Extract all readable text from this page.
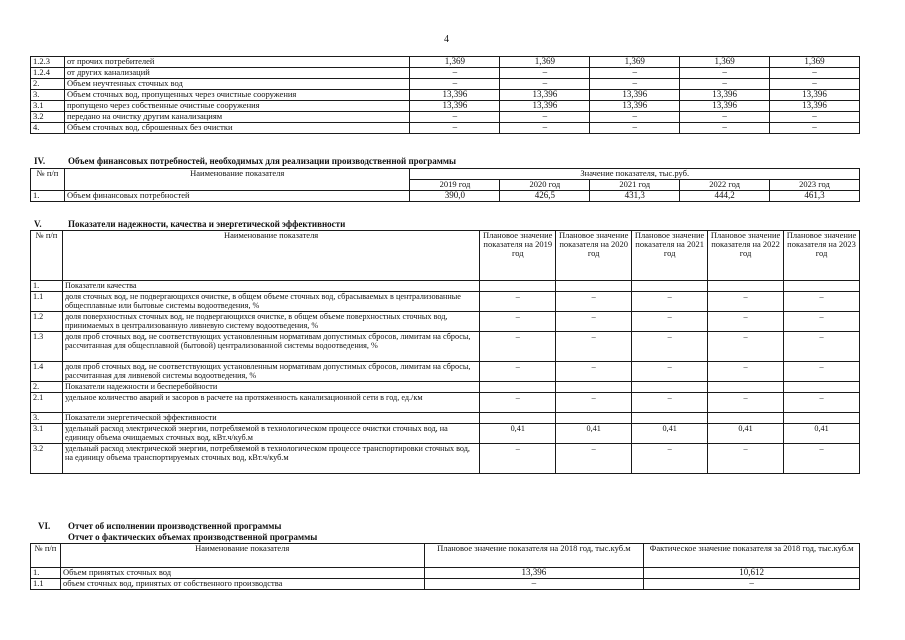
4
1.2.3	от прочих потребителей	1,369	1,369	1,369	1,369	1,369
1.2.4	от других канализаций	–	–	–	–	–
2.	Объем неучтенных сточных вод	–	–	–	–	–
3.	Объем сточных вод, пропущенных через очистные сооружения	13,396	13,396	13,396	13,396	13,396
3.1	пропущено через собственные очистные сооружения	13,396	13,396	13,396	13,396	13,396
3.2	передано на очистку другим канализациям	–	–	–	–	–
4.	Объем сточных вод, сброшенных без очистки	–	–	–	–	–
IV.	Объем финансовых потребностей, необходимых для реализации производственной программы
№ п/п	Наименование показателя	Значение показателя, тыс.руб.				
		2019 год	2020 год	2021 год	2022 год	2023 год
1.	Объем финансовых потребностей	390,0	426,5	431,3	444,2	461,3
V.	Показатели надежности, качества и энергетической эффективности
№ п/п	Наименование показателя	Плановое значение показателя на 2019 год	Плановое значение показателя на 2020 год	Плановое значение показателя на 2021 год	Плановое значение показателя на 2022 год	Плановое значение показателя на 2023 год
1.	Показатели качества					
1.1	доля сточных вод, не подвергающихся очистке, в общем объеме сточных вод, сбрасываемых в централизованные общесплавные или бытовые системы водоотведения, %	–	–	–	–	–
1.2	доля поверхностных сточных вод, не подвергающихся очистке, в общем объеме поверхностных сточных вод, принимаемых в централизованную ливневую систему водоотведения, %	–	–	–	–	–
1.3	доля проб сточных вод, не соответствующих установленным нормативам допустимых сбросов, лимитам на сбросы, рассчитанная для общесплавной (бытовой) централизованной системы водоотведения, %	–	–	–	–	–
1.4	доля проб сточных вод, не соответствующих установленным нормативам допустимых сбросов, лимитам на сбросы, рассчитанная для ливневой системы водоотведения, %	–	–	–	–	–
2.	Показатели надежности и бесперебойности					
2.1	удельное количество аварий и засоров в расчете на протяженность канализационной сети в год, ед./км	–	–	–	–	–
3.	Показатели энергетической эффективности					
3.1	удельный расход электрической энергии, потребляемой в технологическом процессе очистки сточных вод, на единицу объема очищаемых сточных вод, кВт.ч/куб.м	0,41	0,41	0,41	0,41	0,41
3.2	удельный расход электрической энергии, потребляемой в технологическом процессе транспортировки сточных вод, на единицу объема транспортируемых сточных вод, кВт.ч/куб.м	–	–	–	–	–
VI. Отчет об исполнении производственной программы
Отчет о фактических объемах производственной программы
№ п/п	Наименование показателя	Плановое значение показателя на 2018 год, тыс.куб.м	Фактическое значение показателя за 2018 год, тыс.куб.м
1.	Объем принятых сточных вод	13,396	10,612
1.1	объем сточных вод, принятых от собственного производства	–	–
